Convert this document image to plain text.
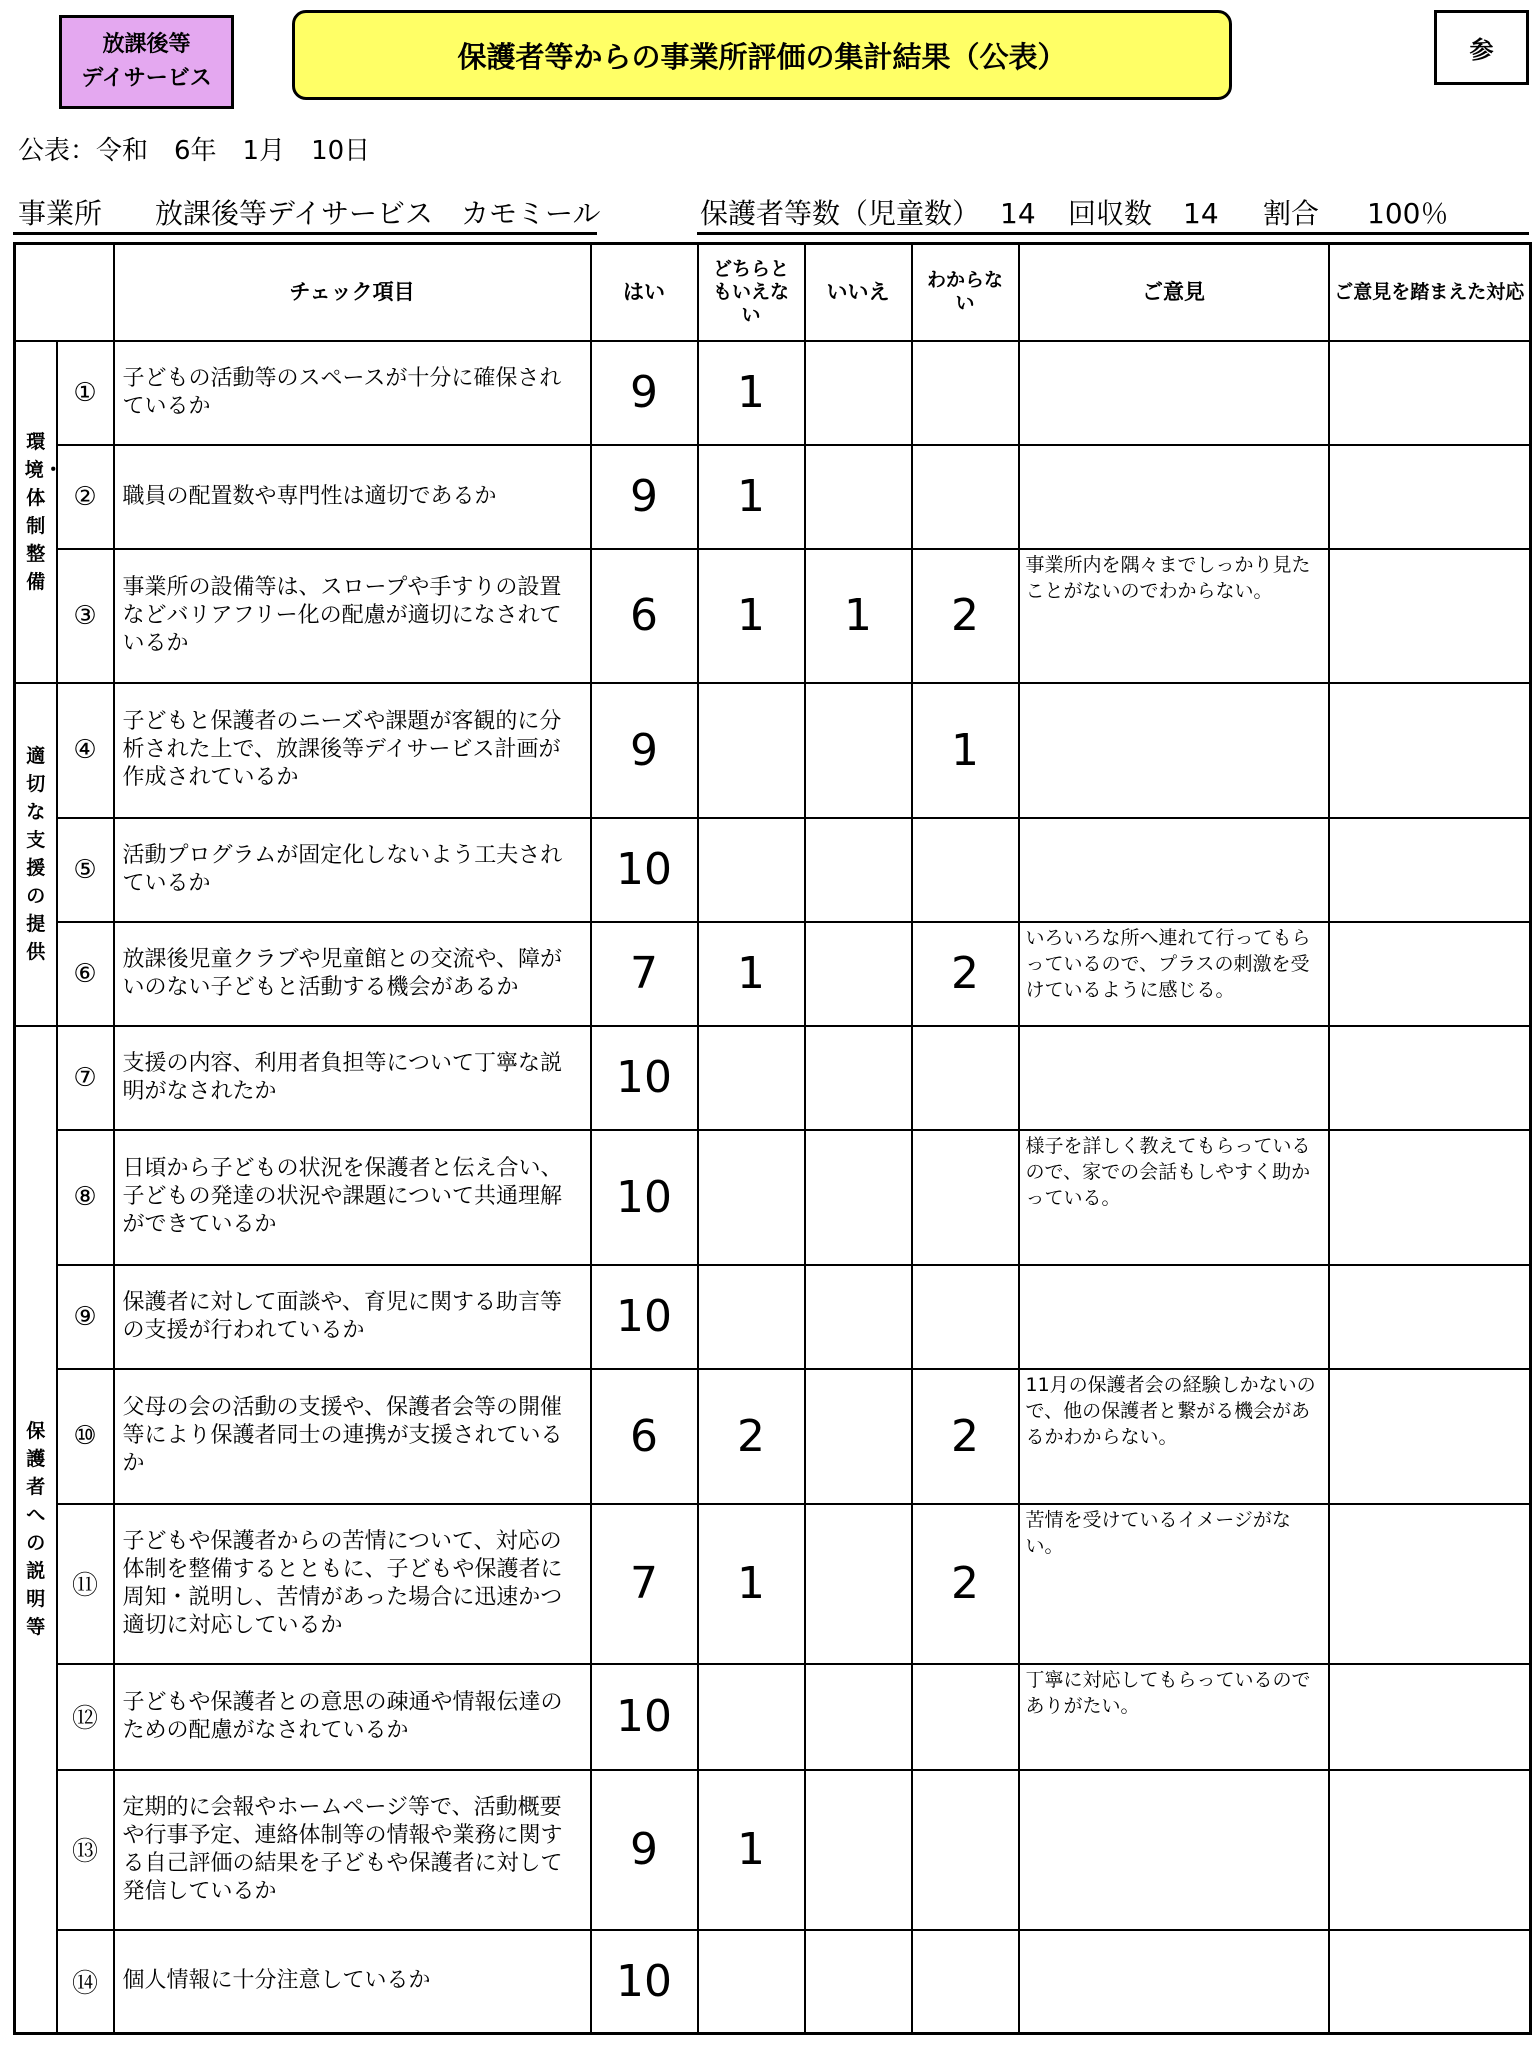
放課後等
デイサービス
保護者等からの事業所評価の集計結果（公表）	参
公表：令和　6年　1月　10日
事業所 放課後等デイサービス　カモミール	保護者等数（児童数） 14 回収数 14 割合 100％
		チェック項目	はい	どちらともいえない	いいえ	わからない	ご意見	ご意見を踏まえた対応
環境・体制整備	①	子どもの活動等のスペースが十分に確保されているか	9	1				
	②	職員の配置数や専門性は適切であるか	9	1				
	③	事業所の設備等は、スロープや手すりの設置などバリアフリー化の配慮が適切になされているか	6	1	1	2	事業所内を隅々までしっかり見たことがないのでわからない。	
適切な支援の提供	④	子どもと保護者のニーズや課題が客観的に分析された上で、放課後等デイサービス計画が作成されているか	9			1		
	⑤	活動プログラムが固定化しないよう工夫されているか	10					
	⑥	放課後児童クラブや児童館との交流や、障がいのない子どもと活動する機会があるか	7	1		2	いろいろな所へ連れて行ってもらっているので、プラスの刺激を受けているように感じる。	
保護者への説明等	⑦	支援の内容、利用者負担等について丁寧な説明がなされたか	10					
	⑧	日頃から子どもの状況を保護者と伝え合い、子どもの発達の状況や課題について共通理解ができているか	10				様子を詳しく教えてもらっているので、家での会話もしやすく助かっている。	
	⑨	保護者に対して面談や、育児に関する助言等の支援が行われているか	10					
	⑩	父母の会の活動の支援や、保護者会等の開催等により保護者同士の連携が支援されているか	6	2		2	11月の保護者会の経験しかないので、他の保護者と繋がる機会があるかわからない。	
	⑪	子どもや保護者からの苦情について、対応の体制を整備するとともに、子どもや保護者に周知・説明し、苦情があった場合に迅速かつ適切に対応しているか	7	1		2	苦情を受けているイメージがない。	
	⑫	子どもや保護者との意思の疎通や情報伝達のための配慮がなされているか	10				丁寧に対応してもらっているのでありがたい。	
	⑬	定期的に会報やホームページ等で、活動概要や行事予定、連絡体制等の情報や業務に関する自己評価の結果を子どもや保護者に対して発信しているか	9	1				
	⑭	個人情報に十分注意しているか	10					
